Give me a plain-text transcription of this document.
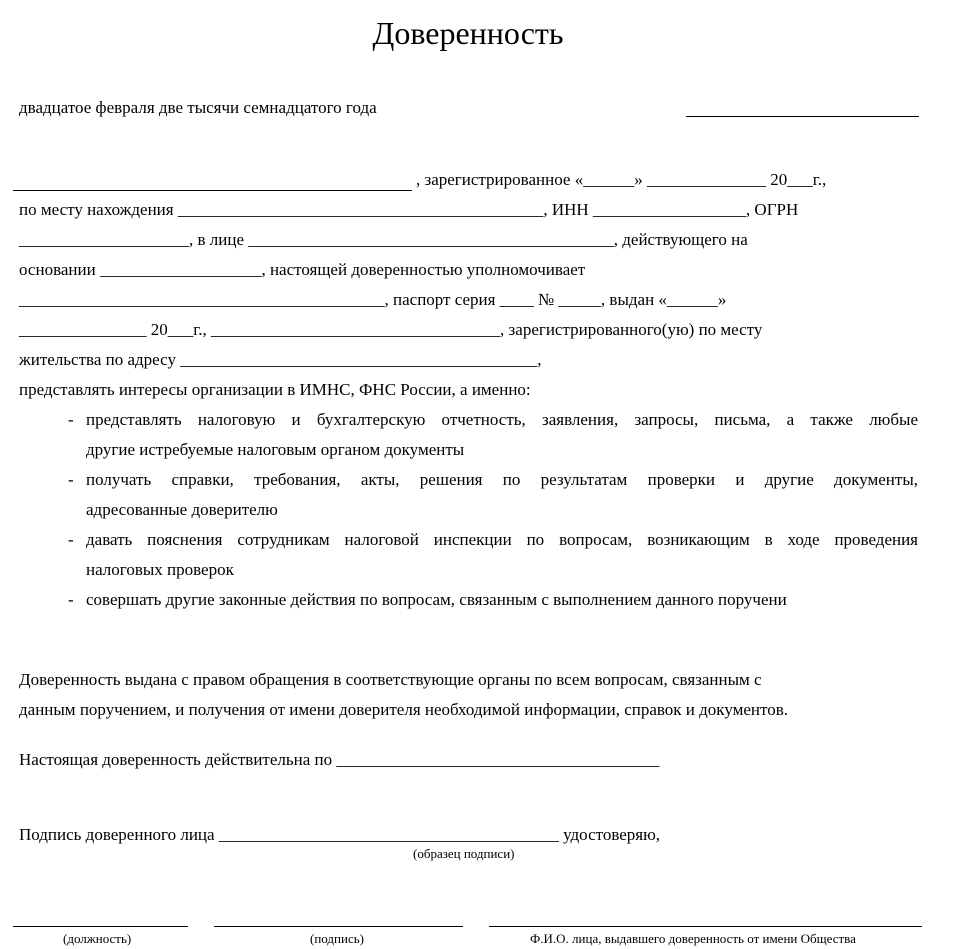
Доверенность
двадцатое февраля две тысячи семнадцатого года
, зарегистрированное «______» ______________ 20___г.,
по месту нахождения ___________________________________________, ИНН __________________, ОГРН
____________________, в лице ___________________________________________, действующего на
основании ___________________, настоящей доверенностью уполномочивает
___________________________________________, паспорт серия ____ № _____, выдан «______»
_______________ 20___г., __________________________________, зарегистрированного(ую) по месту
жительства по адресу __________________________________________,
представлять интересы организации в ИМНС, ФНС России, а именно:
- представлять налоговую и бухгалтерскую отчетность, заявления, запросы, письма, а также любые
другие истребуемые налоговым органом документы
- получать справки, требования, акты, решения по результатам проверки и другие документы,
адресованные доверителю
- давать пояснения сотрудникам налоговой инспекции по вопросам, возникающим в ходе проведения
налоговых проверок
- совершать другие законные действия по вопросам, связанным с выполнением данного поручени
Доверенность выдана с правом обращения в соответствующие органы по всем вопросам, связанным с
данным поручением, и получения от имени доверителя необходимой информации, справок и документов.
Настоящая доверенность действительна по ______________________________________
Подпись доверенного лица ________________________________________ удостоверяю,
(образец подписи)
(должность)	(подпись)	Ф.И.О. лица, выдавшего доверенность от имени Общества
